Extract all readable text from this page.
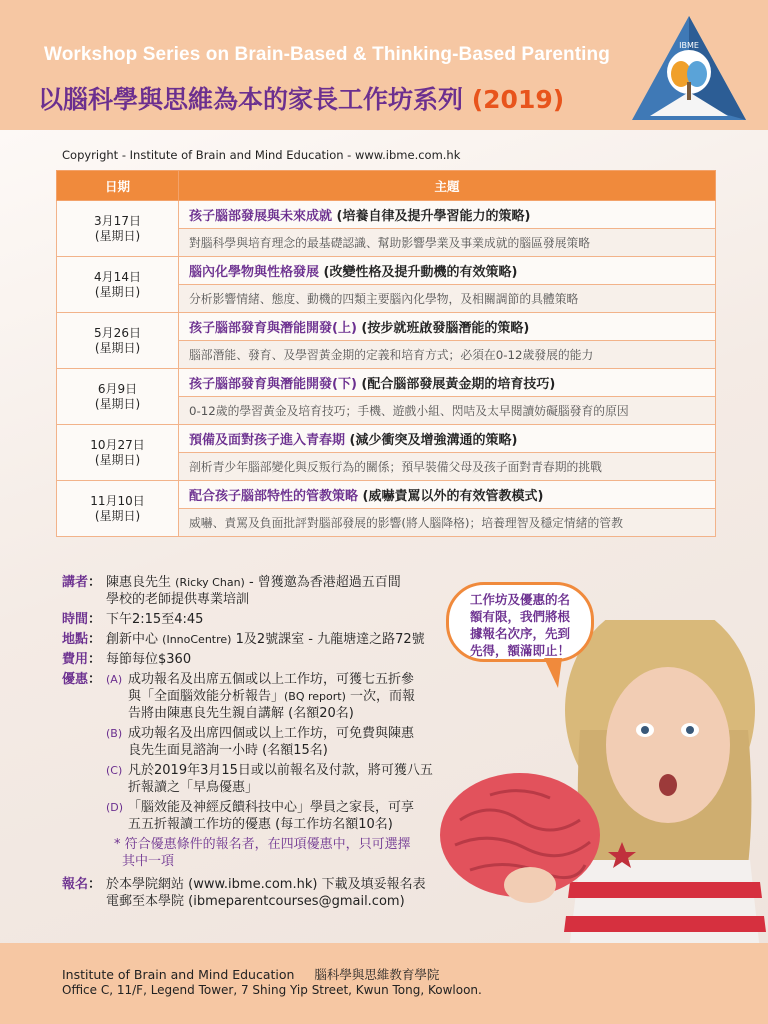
Workshop Series on Brain-Based & Thinking-Based Parenting
以腦科學與思維為本的家長工作坊系列 (2019)
IBME
Copyright - Institute of Brain and Mind Education - www.ibme.com.hk
日期	主題
3月17日
(星期日)	孩子腦部發展與未來成就 (培養自律及提升學習能力的策略)
	對腦科學與培育理念的最基礎認識、幫助影響學業及事業成就的腦區發展策略
4月14日
(星期日)	腦內化學物與性格發展 (改變性格及提升動機的有效策略)
	分析影響情緒、態度、動機的四類主要腦內化學物，及相關調節的具體策略
5月26日
(星期日)	孩子腦部發育與潛能開發(上) (按步就班啟發腦潛能的策略)
	腦部潛能、發育、及學習黃金期的定義和培育方式；必須在0-12歲發展的能力
6月9日
(星期日)	孩子腦部發育與潛能開發(下) (配合腦部發展黃金期的培育技巧)
	0-12歲的學習黃金及培育技巧；手機、遊戲小組、閃咭及太早閱讀妨礙腦發育的原因
10月27日
(星期日)	預備及面對孩子進入青春期 (減少衝突及增強溝通的策略)
	剖析青少年腦部變化與反叛行為的關係；預早裝備父母及孩子面對青春期的挑戰
11月10日
(星期日)	配合孩子腦部特性的管教策略 (威嚇責罵以外的有效管教模式)
	威嚇、責罵及負面批評對腦部發展的影響(將人腦降格)；培養理智及穩定情緒的管教
講者： 陳惠良先生 (Ricky Chan) - 曾獲邀為香港超過五百間
學校的老師提供專業培訓
時間： 下午2:15至4:45
地點： 創新中心 (InnoCentre) 1及2號課室 - 九龍塘達之路72號
費用： 每節每位$360
優惠： (A) 成功報名及出席五個或以上工作坊，可獲七五折參
與「全面腦效能分析報告」(BQ report) 一次，而報
告將由陳惠良先生親自講解 (名額20名)
(B) 成功報名及出席四個或以上工作坊，可免費與陳惠
良先生面見諮詢一小時 (名額15名)
(C) 凡於2019年3月15日或以前報名及付款，將可獲八五
折報讀之「早鳥優惠」
(D) 「腦效能及神經反饋科技中心」學員之家長，可享
五五折報讀工作坊的優惠 (每工作坊名額10名)
* 符合優惠條件的報名者，在四項優惠中，只可選擇
其中一項
報名： 於本學院網站 (www.ibme.com.hk) 下載及填妥報名表
電郵至本學院 (ibmeparentcourses@gmail.com)
工作坊及優惠的名
額有限，我們將根
據報名次序，先到
先得，額滿即止！
Institute of Brain and Mind Education 腦科學與思維教育學院
Office C, 11/F, Legend Tower, 7 Shing Yip Street, Kwun Tong, Kowloon.
